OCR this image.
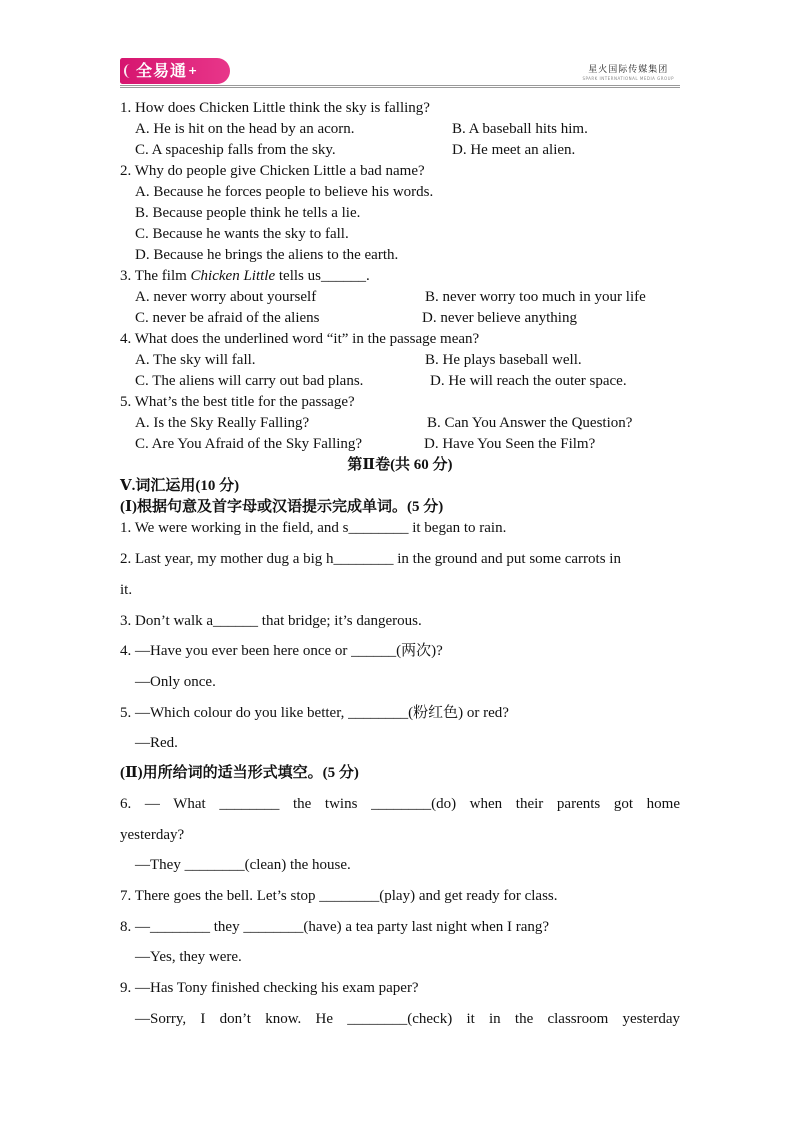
全易通+	星火国际传媒集团
SPARK INTERNATIONAL MEDIA GROUP
1. How does Chicken Little think the sky is falling?
A. He is hit on the head by an acorn.	B. A baseball hits him.
C. A spaceship falls from the sky.	D. He meet an alien.
2. Why do people give Chicken Little a bad name?
A. Because he forces people to believe his words.
B. Because people think he tells a lie.
C. Because he wants the sky to fall.
D. Because he brings the aliens to the earth.
3. The film Chicken Little tells us______.
A. never worry about yourself	B. never worry too much in your life
C. never be afraid of the aliens	D. never believe anything
4. What does the underlined word “it” in the passage mean?
A. The sky will fall.	B. He plays baseball well.
C. The aliens will carry out bad plans.	D. He will reach the outer space.
5. What’s the best title for the passage?
A. Is the Sky Really Falling?	B. Can You Answer the Question?
C. Are You Afraid of the Sky Falling?	D. Have You Seen the Film?
第Ⅱ卷(共 60 分)
Ⅴ.词汇运用(10 分)
(Ⅰ)根据句意及首字母或汉语提示完成单词。(5 分)
1. We were working in the field, and s________ it began to rain.
2. Last year, my mother dug a big h________ in the ground and put some carrots in
it.
3. Don’t walk a______ that bridge; it’s dangerous.
4. —Have you ever been here once or ______(两次)?
—Only once.
5. —Which colour do you like better, ________(粉红色) or red?
—Red.
(Ⅱ)用所给词的适当形式填空。(5 分)
6. — What ________ the twins ________(do) when their parents got home
yesterday?
—They ________(clean) the house.
7. There goes the bell. Let’s stop ________(play) and get ready for class.
8. —________ they ________(have) a tea party last night when I rang?
—Yes, they were.
9. —Has Tony finished checking his exam paper?
—Sorry, I don’t know. He ________(check) it in the classroom yesterday
